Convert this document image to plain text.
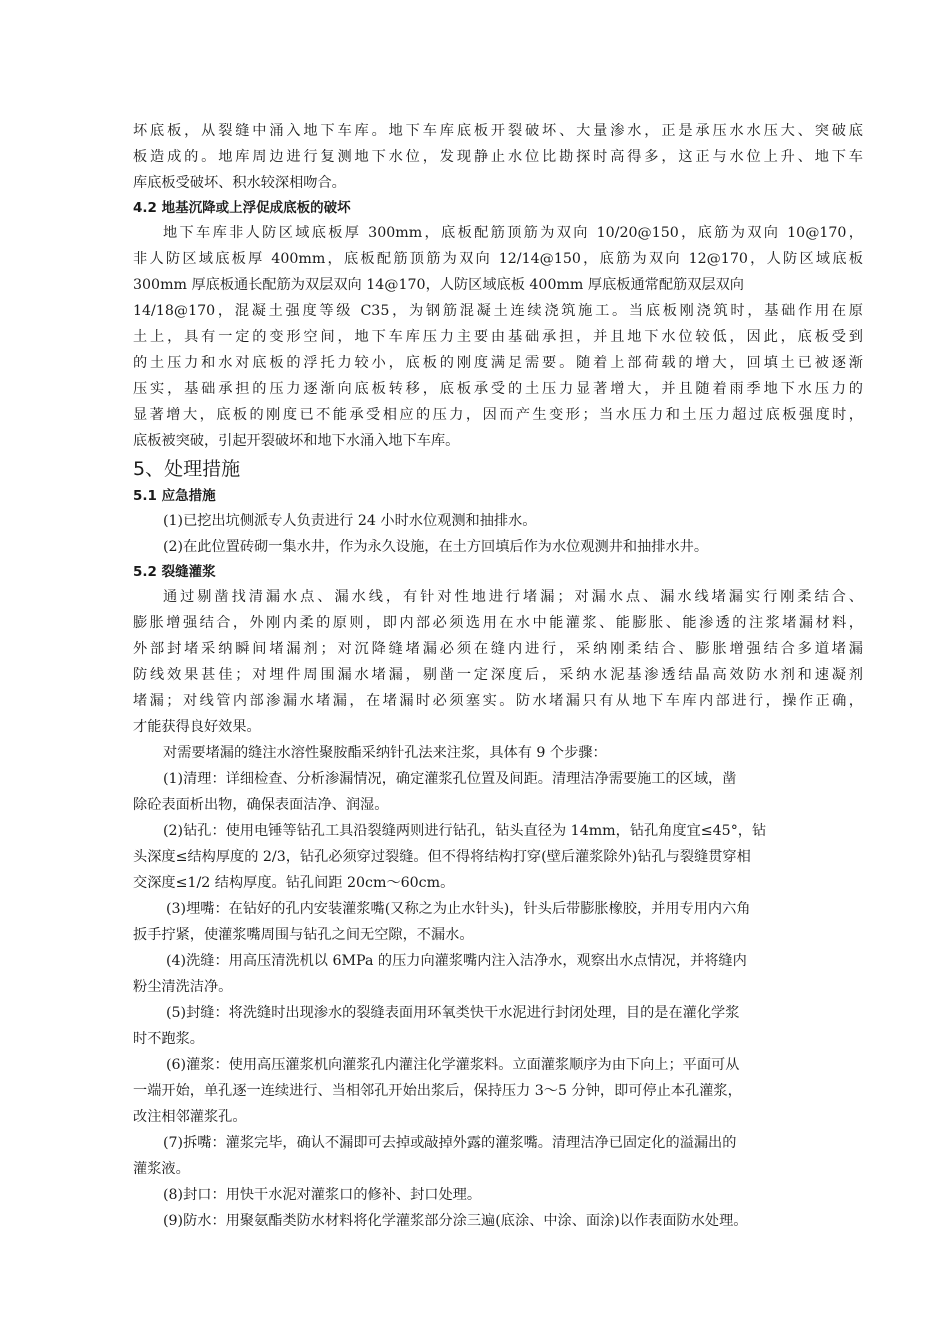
坏底板，从裂缝中涌入地下车库。地下车库底板开裂破坏、大量渗水，正是承压水水压大、突破底
板造成的。地库周边进行复测地下水位，发现静止水位比勘探时高得多，这正与水位上升、地下车
库底板受破坏、积水较深相吻合。
4.2 地基沉降或上浮促成底板的破坏
地下车库非人防区域底板厚 300mm，底板配筋顶筋为双向 10/20@150，底筋为双向 10@170，
非人防区域底板厚 400mm，底板配筋顶筋为双向 12/14@150，底筋为双向 12@170，人防区域底板
300mm 厚底板通长配筋为双层双向 14@170，人防区域底板 400mm 厚底板通常配筋双层双向
14/18@170，混凝土强度等级 C35，为钢筋混凝土连续浇筑施工。当底板刚浇筑时，基础作用在原
土上，具有一定的变形空间，地下车库压力主要由基础承担，并且地下水位较低，因此，底板受到
的土压力和水对底板的浮托力较小，底板的刚度满足需要。随着上部荷载的增大，回填土已被逐渐
压实，基础承担的压力逐渐向底板转移，底板承受的土压力显著增大，并且随着雨季地下水压力的
显著增大，底板的刚度已不能承受相应的压力，因而产生变形；当水压力和土压力超过底板强度时，
底板被突破，引起开裂破坏和地下水涌入地下车库。
5、处理措施
5.1 应急措施
(1)已挖出坑侧派专人负责进行 24 小时水位观测和抽排水。
(2)在此位置砖砌一集水井，作为永久设施，在土方回填后作为水位观测井和抽排水井。
5.2 裂缝灌浆
通过剔凿找清漏水点、漏水线，有针对性地进行堵漏；对漏水点、漏水线堵漏实行刚柔结合、
膨胀增强结合，外刚内柔的原则，即内部必须选用在水中能灌浆、能膨胀、能渗透的注浆堵漏材料，
外部封堵采纳瞬间堵漏剂；对沉降缝堵漏必须在缝内进行，采纳刚柔结合、膨胀增强结合多道堵漏
防线效果甚佳；对埋件周围漏水堵漏，剔凿一定深度后，采纳水泥基渗透结晶高效防水剂和速凝剂
堵漏；对线管内部渗漏水堵漏，在堵漏时必须塞实。防水堵漏只有从地下车库内部进行，操作正确，
才能获得良好效果。
对需要堵漏的缝注水溶性聚胺酯采纳针孔法来注浆，具体有 9 个步骤：
(1)清理：详细检查、分析渗漏情况，确定灌浆孔位置及间距。清理洁净需要施工的区域，凿
除砼表面析出物，确保表面洁净、润湿。
(2)钻孔：使用电锤等钻孔工具沿裂缝两则进行钻孔，钻头直径为 14mm，钻孔角度宜≤45°，钻
头深度≤结构厚度的 2/3，钻孔必须穿过裂缝。但不得将结构打穿(壁后灌浆除外)钻孔与裂缝贯穿相
交深度≤1/2 结构厚度。钻孔间距 20cm～60cm。
(3)埋嘴：在钻好的孔内安装灌浆嘴(又称之为止水针头)，针头后带膨胀橡胶，并用专用内六角
扳手拧紧，使灌浆嘴周围与钻孔之间无空隙，不漏水。
(4)洗缝：用高压清洗机以 6MPa 的压力向灌浆嘴内注入洁净水，观察出水点情况，并将缝内
粉尘清洗洁净。
(5)封缝：将洗缝时出现渗水的裂缝表面用环氧类快干水泥进行封闭处理，目的是在灌化学浆
时不跑浆。
(6)灌浆：使用高压灌浆机向灌浆孔内灌注化学灌浆料。立面灌浆顺序为由下向上；平面可从
一端开始，单孔逐一连续进行、当相邻孔开始出浆后，保持压力 3～5 分钟，即可停止本孔灌浆，
改注相邻灌浆孔。
(7)拆嘴：灌浆完毕，确认不漏即可去掉或敲掉外露的灌浆嘴。清理洁净已固定化的溢漏出的
灌浆液。
(8)封口：用快干水泥对灌浆口的修补、封口处理。
(9)防水：用聚氨酯类防水材料将化学灌浆部分涂三遍(底涂、中涂、面涂)以作表面防水处理。
